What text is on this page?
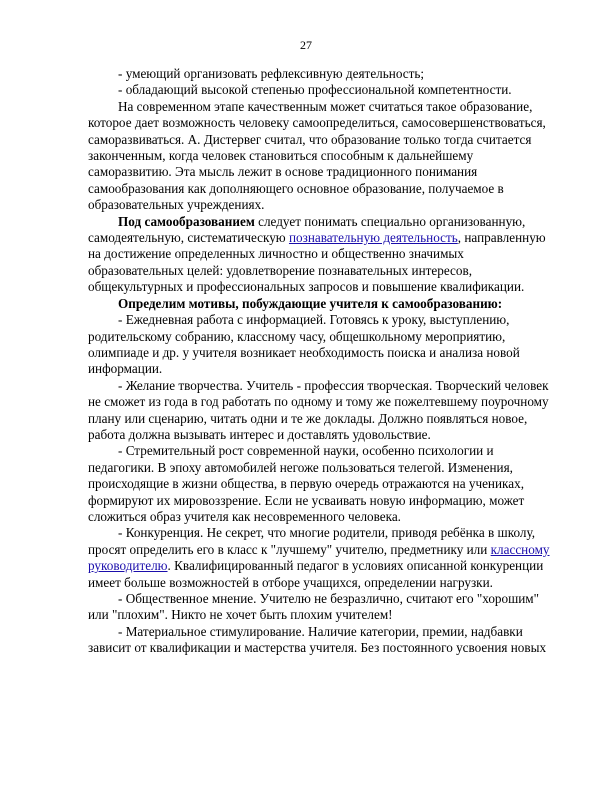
27

- умеющий организовать рефлексивную деятельность;

- обладающий высокой степенью профессиональной компетентности.

На современном этапе качественным может считаться такое образование, которое дает возможность человеку самоопределиться, самосовершенствоваться, саморазвиваться. А. Дистервег считал, что образование только тогда считается законченным, когда человек становиться способным к дальнейшему саморазвитию. Эта мысль лежит в основе традиционного понимания самообразования как дополняющего основное образование, получаемое в образовательных учреждениях.

Под самообразованием следует понимать специально организованную, самодеятельную, систематическую познавательную деятельность, направленную на достижение определенных личностно и общественно значимых образовательных целей: удовлетворение познавательных интересов, общекультурных и профессиональных запросов и повышение квалификации.

Определим мотивы, побуждающие учителя к самообразованию:

- Ежедневная работа с информацией. Готовясь к уроку, выступлению, родительскому собранию, классному часу, общешкольному мероприятию, олимпиаде и др. у учителя возникает необходимость поиска и анализа новой информации.

- Желание творчества. Учитель - профессия творческая. Творческий человек не сможет из года в год работать по одному и тому же пожелтевшему поурочному плану или сценарию, читать одни и те же доклады. Должно появляться новое, работа должна вызывать интерес и доставлять удовольствие.

- Стремительный рост современной науки, особенно психологии и педагогики. В эпоху автомобилей негоже пользоваться телегой. Изменения, происходящие в жизни общества, в первую очередь отражаются на учениках, формируют их мировоззрение. Если не усваивать новую информацию, может сложиться образ учителя как несовременного человека.

- Конкуренция. Не секрет, что многие родители, приводя ребёнка в школу, просят определить его в класс к "лучшему" учителю, предметнику или классному руководителю. Квалифицированный педагог в условиях описанной конкуренции имеет больше возможностей в отборе учащихся, определении нагрузки.

- Общественное мнение. Учителю не безразлично, считают его "хорошим" или "плохим". Никто не хочет быть плохим учителем!

- Материальное стимулирование. Наличие категории, премии, надбавки зависит от квалификации и мастерства учителя. Без постоянного усвоения новых
